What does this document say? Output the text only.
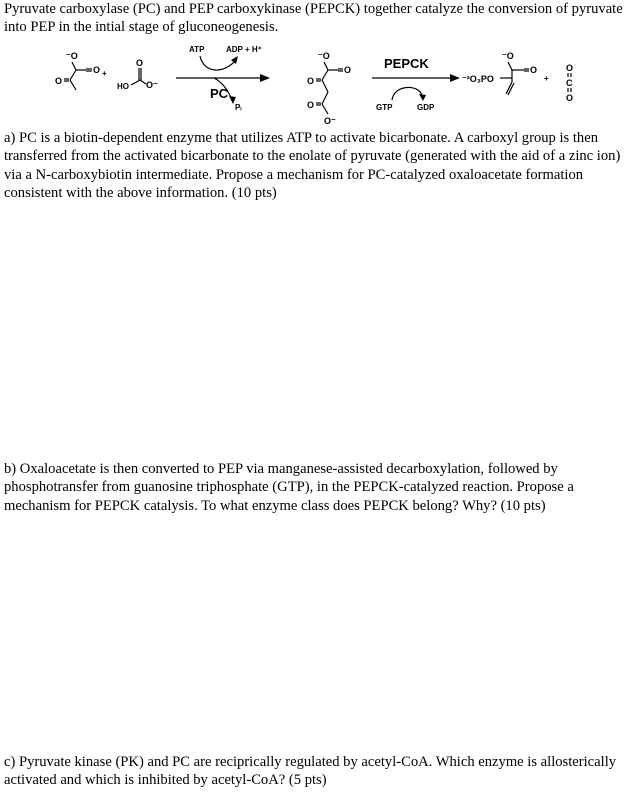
Pyruvate carboxylase (PC) and PEP carboxykinase (PEPCK) together catalyze the conversion of pyruvate into PEP in the intial stage of gluconeogenesis.

⁻O
O
O
+
HO
O
O⁻
ATP	ADP + H⁺
PC
Pᵢ
⁻O
O
O
O
O⁻
PEPCK
GTP	GDP
⁻²O₃PO
⁻O
O
+
O
C
O

a) PC is a biotin-dependent enzyme that utilizes ATP to activate bicarbonate. A carboxyl group is then transferred from the activated bicarbonate to the enolate of pyruvate (generated with the aid of a zinc ion) via a N-carboxybiotin intermediate. Propose a mechanism for PC-catalyzed oxaloacetate formation consistent with the above information. (10 pts)

b) Oxaloacetate is then converted to PEP via manganese-assisted decarboxylation, followed by phosphotransfer from guanosine triphosphate (GTP), in the PEPCK-catalyzed reaction. Propose a mechanism for PEPCK catalysis. To what enzyme class does PEPCK belong? Why? (10 pts)

c) Pyruvate kinase (PK) and PC are reciprically regulated by acetyl-CoA. Which enzyme is allosterically activated and which is inhibited by acetyl-CoA? (5 pts)
